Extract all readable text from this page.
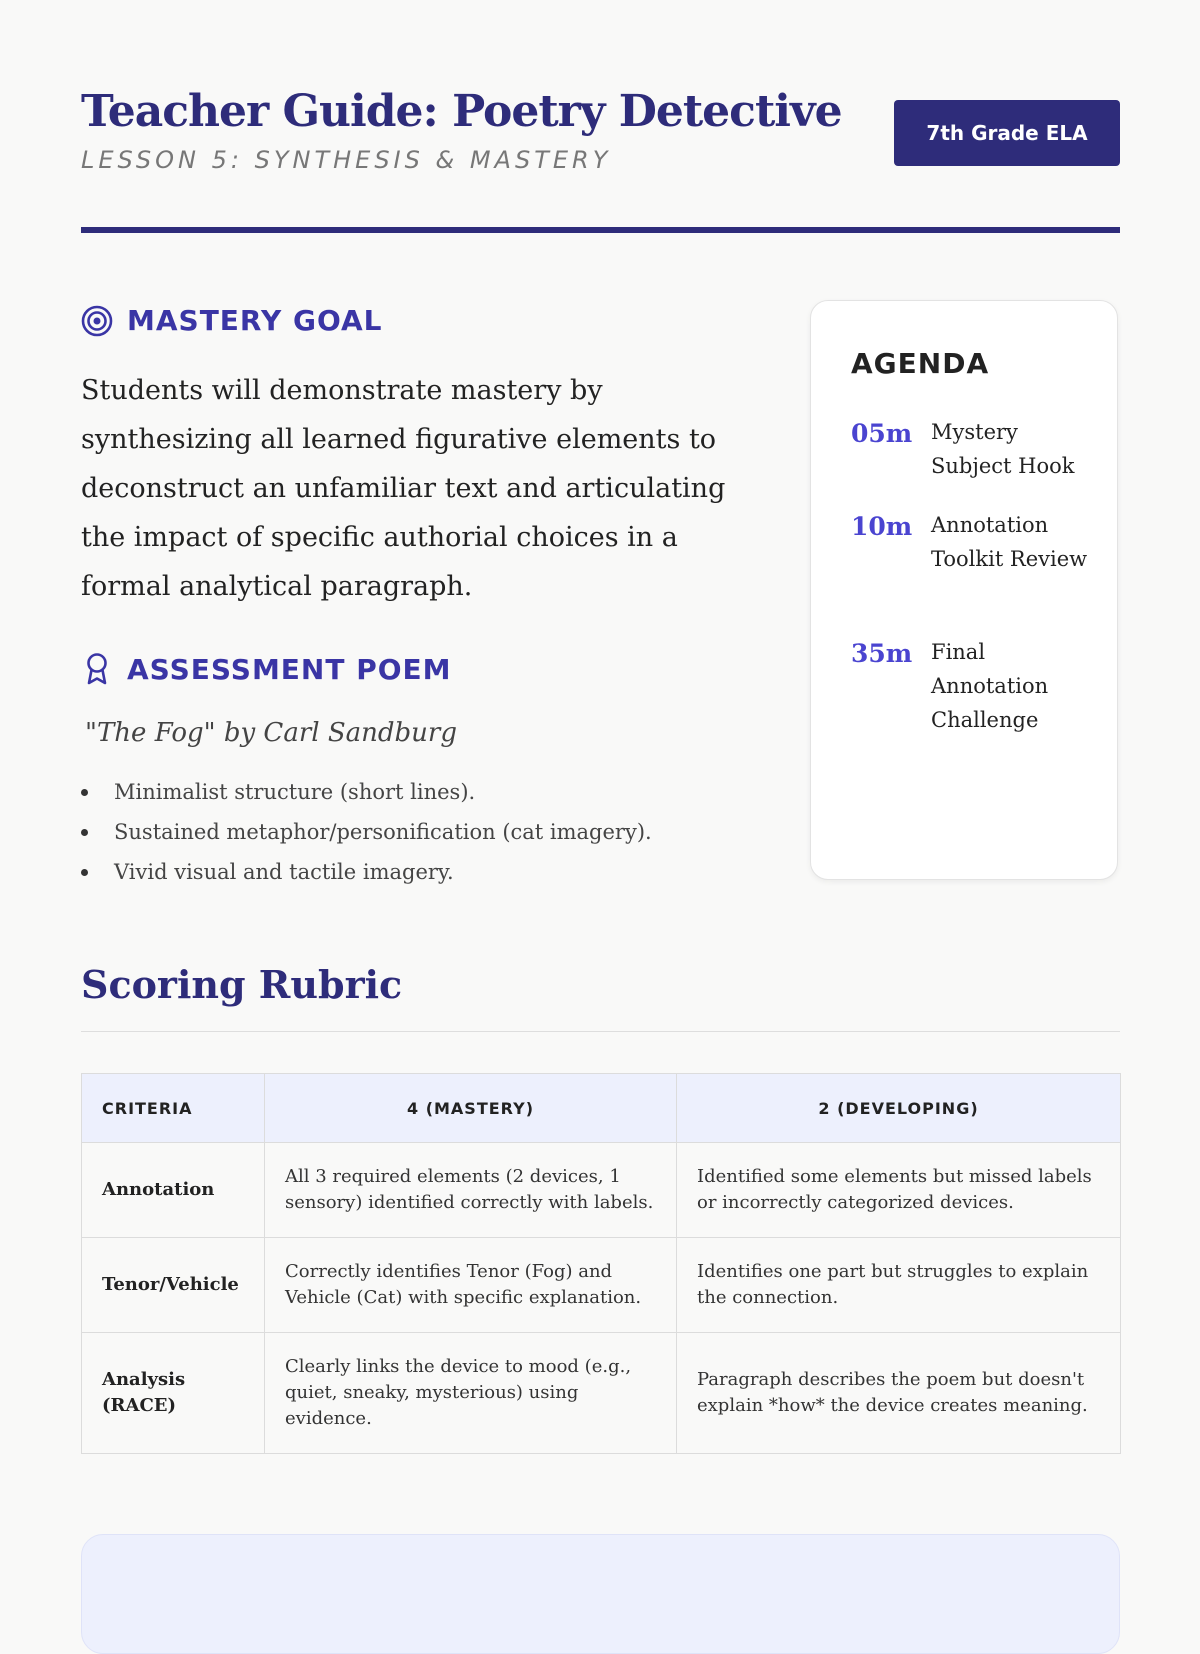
Teacher Guide: Poetry Detective
LESSON 5: SYNTHESIS & MASTERY
7th Grade ELA
MASTERY GOAL

Students will demonstrate mastery by synthesizing all learned figurative elements to deconstruct an unfamiliar text and articulating the impact of specific authorial choices in a formal analytical paragraph.

ASSESSMENT POEM
"The Fog" by Carl Sandburg
Minimalist structure (short lines).
Sustained metaphor/personification (cat imagery).
Vivid visual and tactile imagery.
AGENDA
05m Mystery Subject Hook
10m Annotation Toolkit Review
35m Final Annotation Challenge
Scoring Rubric
CRITERIA	4 (MASTERY)	2 (DEVELOPING)
Annotation	All 3 required elements (2 devices, 1 sensory) identified correctly with labels.	Identified some elements but missed labels or incorrectly categorized devices.
Tenor/Vehicle	Correctly identifies Tenor (Fog) and Vehicle (Cat) with specific explanation.	Identifies one part but struggles to explain the connection.
Analysis (RACE)	Clearly links the device to mood (e.g., quiet, sneaky, mysterious) using evidence.	Paragraph describes the poem but doesn't explain *how* the device creates meaning.
